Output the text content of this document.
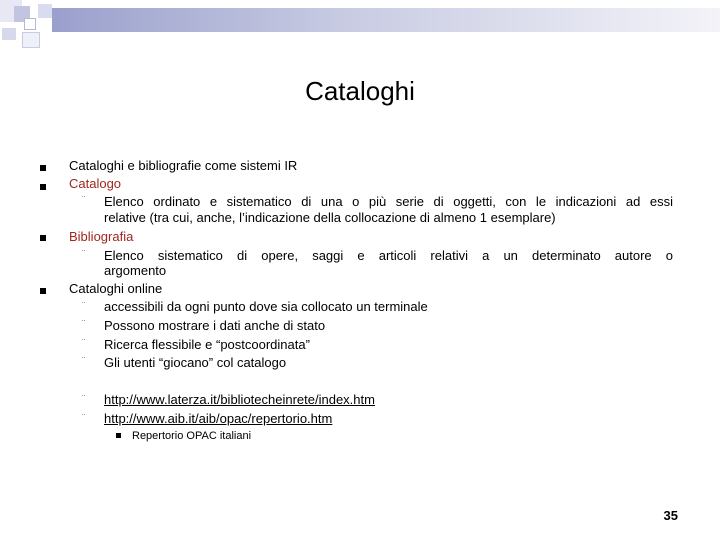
Cataloghi
Cataloghi e bibliografie come sistemi IR
Catalogo
¨ Elenco ordinato e sistematico di una o più serie di oggetti, con le indicazioni ad essi
relative (tra cui, anche, l’indicazione della collocazione di almeno 1 esemplare)
Bibliografia
¨ Elenco sistematico di opere, saggi e articoli relativi a un determinato autore o
argomento
Cataloghi online
¨ accessibili da ogni punto dove sia collocato un terminale
¨ Possono mostrare i dati anche di stato
¨ Ricerca flessibile e “postcoordinata”
¨ Gli utenti “giocano” col catalogo
¨ http://www.laterza.it/bibliotecheinrete/index.htm
¨ http://www.aib.it/aib/opac/repertorio.htm
Repertorio OPAC italiani
35
